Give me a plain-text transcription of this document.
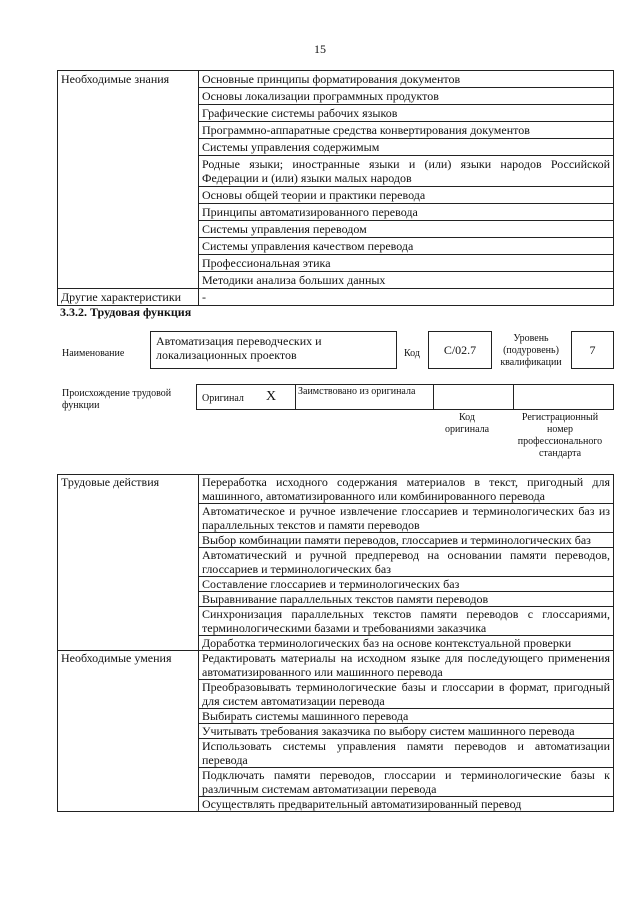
15
Необходимые знания	Основные принципы форматирования документов
	Основы локализации программных продуктов
	Графические системы рабочих языков
	Программно-аппаратные средства конвертирования документов
	Системы управления содержимым
	Родные языки; иностранные языки и (или) языки народов Российской Федерации и (или) языки малых народов
	Основы общей теории и практики перевода
	Принципы автоматизированного перевода
	Системы управления переводом
	Системы управления качеством перевода
	Профессиональная этика
	Методики анализа больших данных
Другие характеристики	-
3.3.2. Трудовая функция
Наименование
Автоматизация переводческих и локализационных проектов	Код	С/02.7
Уровень (подуровень) квалификации
7
Происхождение трудовой функции
Оригинал X Заимствовано из оригинала
Код оригинала
Регистрационный номер профессионального стандарта
Трудовые действия	Переработка исходного содержания материалов в текст, пригодный для машинного, автоматизированного или комбинированного перевода
	Автоматическое и ручное извлечение глоссариев и терминологических баз из параллельных текстов и памяти переводов
	Выбор комбинации памяти переводов, глоссариев и терминологических баз
	Автоматический и ручной предперевод на основании памяти переводов, глоссариев и терминологических баз
	Составление глоссариев и терминологических баз
	Выравнивание параллельных текстов памяти переводов
	Синхронизация параллельных текстов памяти переводов с глоссариями, терминологическими базами и требованиями заказчика
	Доработка терминологических баз на основе контекстуальной проверки
Необходимые умения	Редактировать материалы на исходном языке для последующего применения автоматизированного или машинного перевода
	Преобразовывать терминологические базы и глоссарии в формат, пригодный для систем автоматизации перевода
	Выбирать системы машинного перевода
	Учитывать требования заказчика по выбору систем машинного перевода
	Использовать системы управления памяти переводов и автоматизации перевода
	Подключать памяти переводов, глоссарии и терминологические базы к различным системам автоматизации перевода
	Осуществлять предварительный автоматизированный перевод
